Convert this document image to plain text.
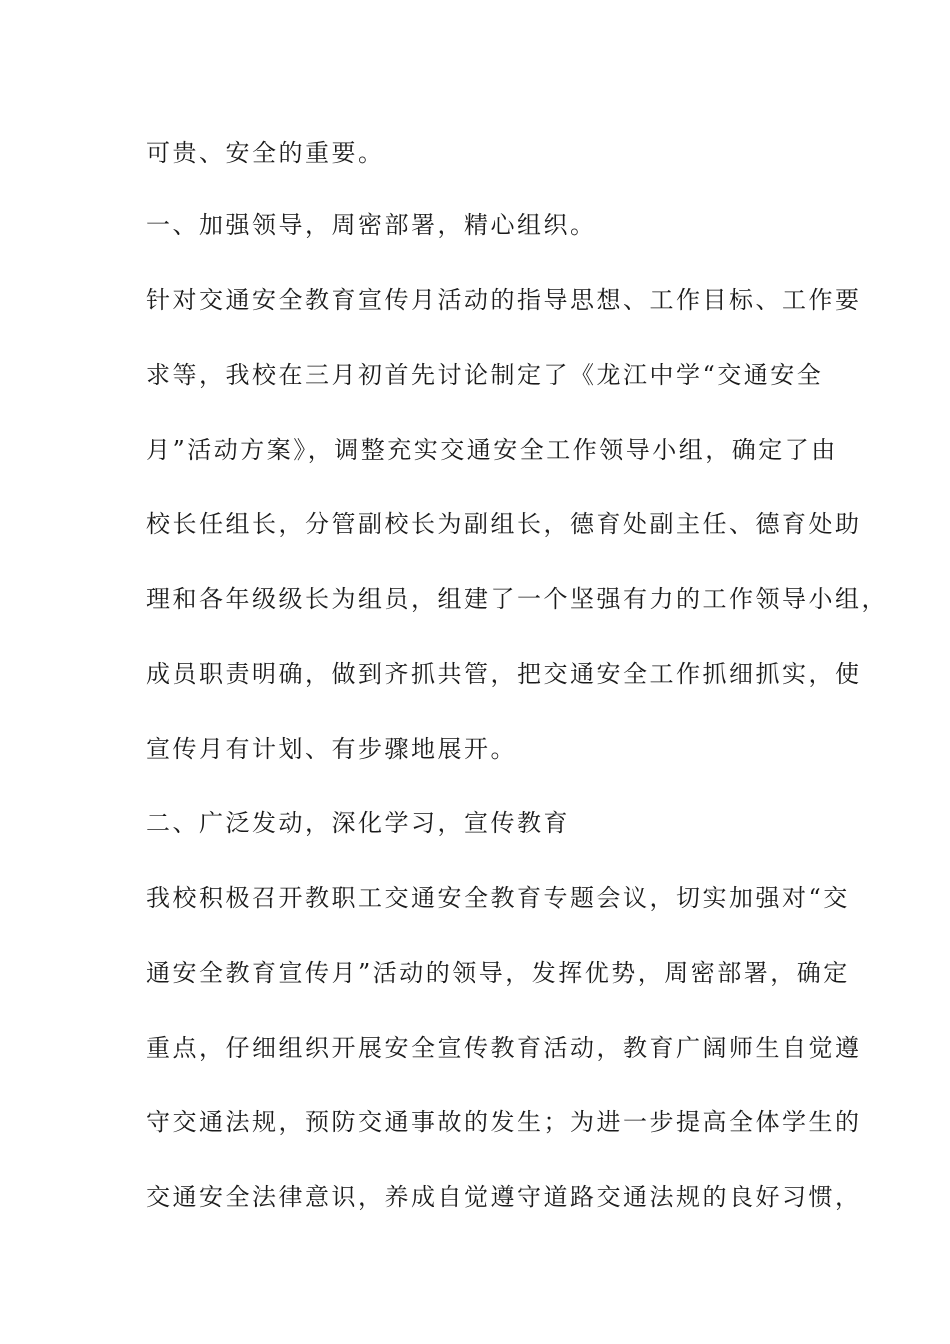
可贵、安全的重要。
一、加强领导，周密部署，精心组织。
针对交通安全教育宣传月活动的指导思想、工作目标、工作要
求等，我校在三月初首先讨论制定了《龙江中学“交通安全
月”活动方案》，调整充实交通安全工作领导小组，确定了由
校长任组长，分管副校长为副组长，德育处副主任、德育处助
理和各年级级长为组员，组建了一个坚强有力的工作领导小组，
成员职责明确，做到齐抓共管，把交通安全工作抓细抓实，使
宣传月有计划、有步骤地展开。
二、广泛发动，深化学习，宣传教育
我校积极召开教职工交通安全教育专题会议，切实加强对“交
通安全教育宣传月”活动的领导，发挥优势，周密部署，确定
重点，仔细组织开展安全宣传教育活动，教育广阔师生自觉遵
守交通法规，预防交通事故的发生；为进一步提高全体学生的
交通安全法律意识，养成自觉遵守道路交通法规的良好习惯，
